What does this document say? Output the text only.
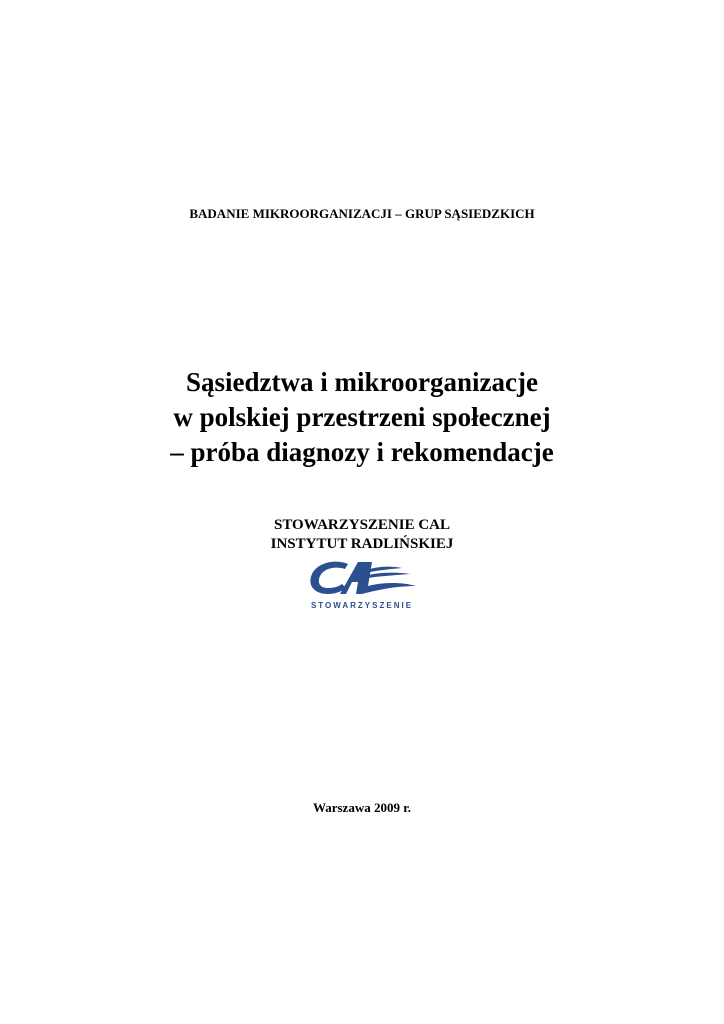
BADANIE MIKROORGANIZACJI – GRUP SĄSIEDZKICH
Sąsiedztwa i mikroorganizacje
w polskiej przestrzeni społecznej
– próba diagnozy i rekomendacje
STOWARZYSZENIE CAL
INSTYTUT RADLIŃSKIEJ
STOWARZYSZENIE
Warszawa 2009 r.
